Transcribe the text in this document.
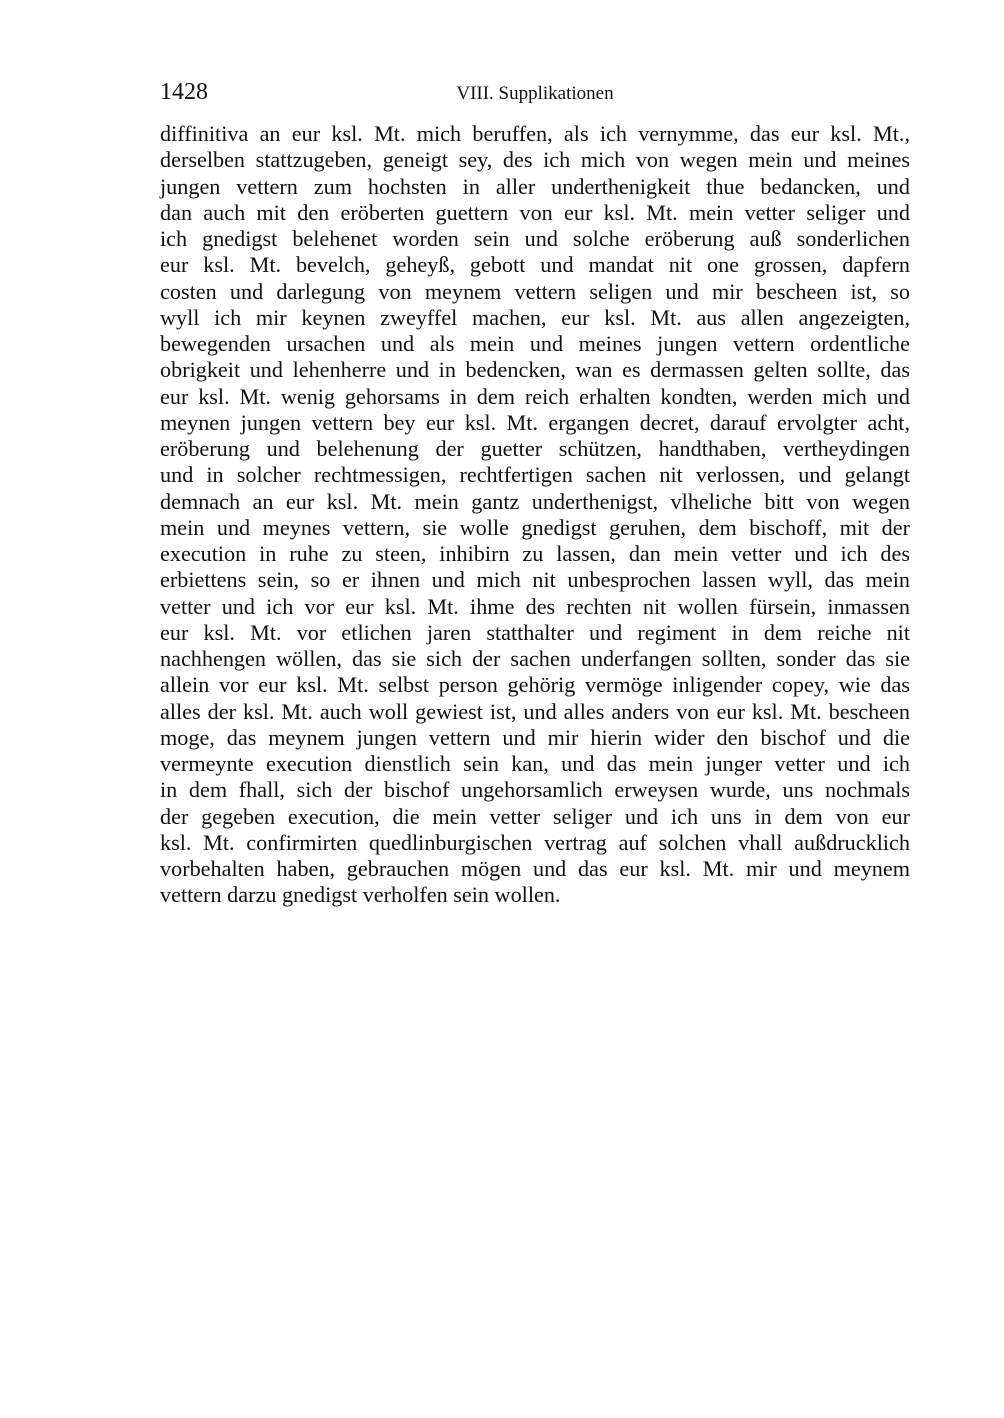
1428	VIII. Supplikationen
diffinitiva an eur ksl. Mt. mich beruffen, als ich vernymme, das eur ksl. Mt.,
derselben stattzugeben, geneigt sey, des ich mich von wegen mein und meines
jungen vettern zum hochsten in aller underthenigkeit thue bedancken, und
dan auch mit den eröberten guettern von eur ksl. Mt. mein vetter seliger und
ich gnedigst belehenet worden sein und solche eröberung auß sonderlichen
eur ksl. Mt. bevelch, geheyß, gebott und mandat nit one grossen, dapfern
costen und darlegung von meynem vettern seligen und mir bescheen ist, so
wyll ich mir keynen zweyffel machen, eur ksl. Mt. aus allen angezeigten,
bewegenden ursachen und als mein und meines jungen vettern ordentliche
obrigkeit und lehenherre und in bedencken, wan es dermassen gelten sollte, das
eur ksl. Mt. wenig gehorsams in dem reich erhalten kondten, werden mich und
meynen jungen vettern bey eur ksl. Mt. ergangen decret, darauf ervolgter acht,
eröberung und belehenung der guetter schützen, handthaben, vertheydingen
und in solcher rechtmessigen, rechtfertigen sachen nit verlossen, und gelangt
demnach an eur ksl. Mt. mein gantz underthenigst, vlheliche bitt von wegen
mein und meynes vettern, sie wolle gnedigst geruhen, dem bischoff, mit der
execution in ruhe zu steen, inhibirn zu lassen, dan mein vetter und ich des
erbiettens sein, so er ihnen und mich nit unbesprochen lassen wyll, das mein
vetter und ich vor eur ksl. Mt. ihme des rechten nit wollen fürsein, inmassen
eur ksl. Mt. vor etlichen jaren statthalter und regiment in dem reiche nit
nachhengen wöllen, das sie sich der sachen underfangen sollten, sonder das sie
allein vor eur ksl. Mt. selbst person gehörig vermöge inligender copey, wie das
alles der ksl. Mt. auch woll gewiest ist, und alles anders von eur ksl. Mt. bescheen
moge, das meynem jungen vettern und mir hierin wider den bischof und die
vermeynte execution dienstlich sein kan, und das mein junger vetter und ich
in dem fhall, sich der bischof ungehorsamlich erweysen wurde, uns nochmals
der gegeben execution, die mein vetter seliger und ich uns in dem von eur
ksl. Mt. confirmirten quedlinburgischen vertrag auf solchen vhall außdrucklich
vorbehalten haben, gebrauchen mögen und das eur ksl. Mt. mir und meynem
vettern darzu gnedigst verholfen sein wollen.
